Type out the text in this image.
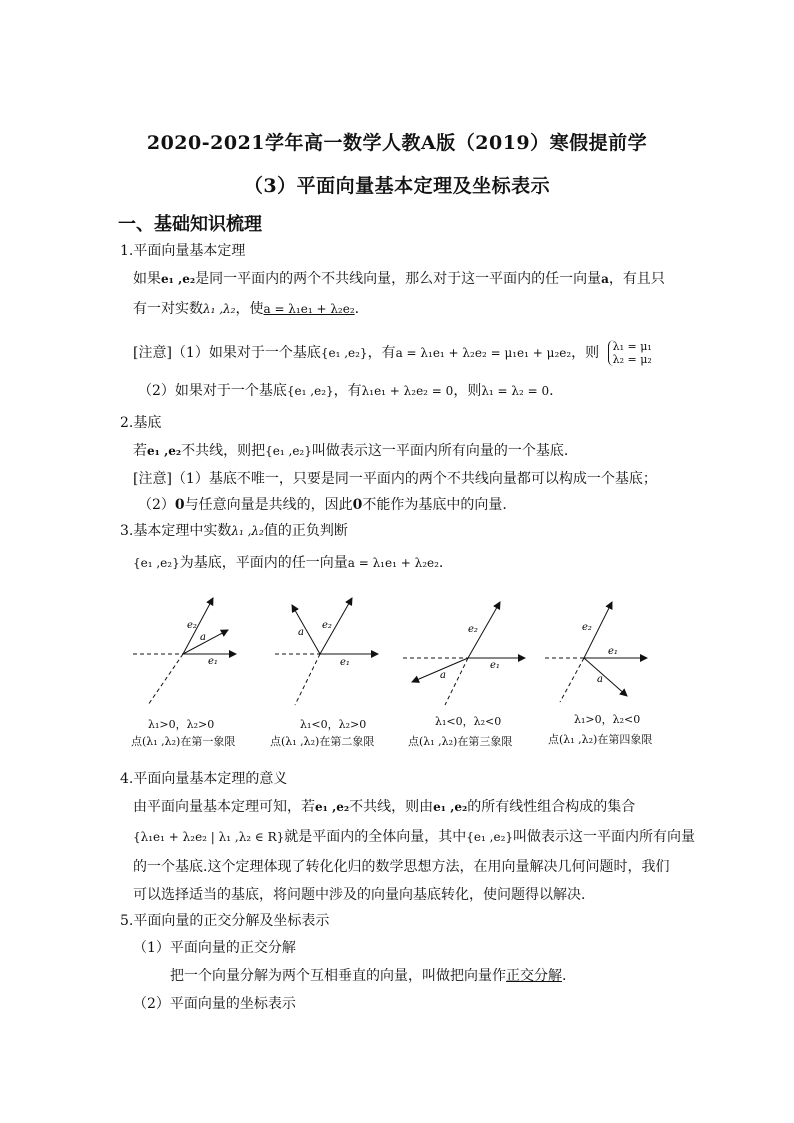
2020-2021学年高一数学人教A版（2019）寒假提前学
（3）平面向量基本定理及坐标表示
一、基础知识梳理
1.平面向量基本定理
如果e₁ ,e₂是同一平面内的两个不共线向量，那么对于这一平面内的任一向量a，有且只
有一对实数λ₁ ,λ₂，使a = λ₁e₁ + λ₂e₂.
[注意]（1）如果对于一个基底{e₁ ,e₂}，有a = λ₁e₁ + λ₂e₂ = μ₁e₁ + μ₂e₂，则 λ₁ = μ₁
λ₂ = μ₂
（2）如果对于一个基底{e₁ ,e₂}，有λ₁e₁ + λ₂e₂ = 0，则λ₁ = λ₂ = 0.
2.基底
若e₁ ,e₂不共线，则把{e₁ ,e₂}叫做表示这一平面内所有向量的一个基底.
[注意]（1）基底不唯一，只要是同一平面内的两个不共线向量都可以构成一个基底；
（2）0与任意向量是共线的，因此0不能作为基底中的向量.
3.基本定理中实数λ₁ ,λ₂值的正负判断
{e₁ ,e₂}为基底，平面内的任一向量a = λ₁e₁ + λ₂e₂.
e₂
a
e₁
e₂
a
e₁
e₂
a
e₁
e₂
a
e₁
λ₁>0，λ₂>0
点(λ₁ ,λ₂)在第一象限
λ₁<0，λ₂>0
点(λ₁ ,λ₂)在第二象限
λ₁<0，λ₂<0
点(λ₁ ,λ₂)在第三象限
λ₁>0，λ₂<0
点(λ₁ ,λ₂)在第四象限
4.平面向量基本定理的意义
由平面向量基本定理可知，若e₁ ,e₂不共线，则由e₁ ,e₂的所有线性组合构成的集合
{λ₁e₁ + λ₂e₂ | λ₁ ,λ₂ ∈ R}就是平面内的全体向量，其中{e₁ ,e₂}叫做表示这一平面内所有向量
的一个基底.这个定理体现了转化化归的数学思想方法，在用向量解决几何问题时，我们
可以选择适当的基底，将问题中涉及的向量向基底转化，使问题得以解决.
5.平面向量的正交分解及坐标表示
（1）平面向量的正交分解
把一个向量分解为两个互相垂直的向量，叫做把向量作正交分解.
（2）平面向量的坐标表示
